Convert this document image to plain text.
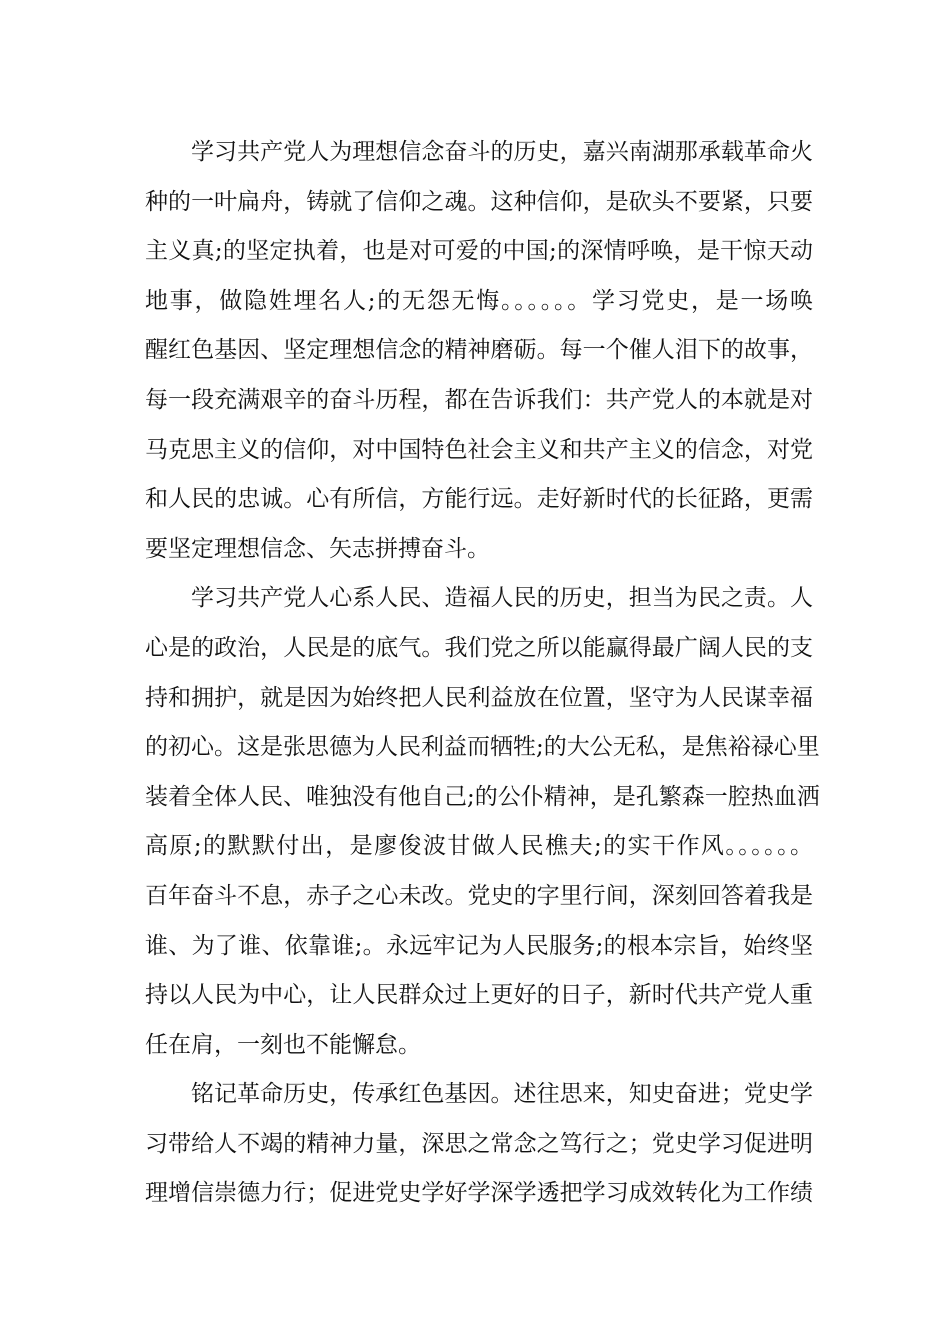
学习共产党人为理想信念奋斗的历史，嘉兴南湖那承载革命火
种的一叶扁舟，铸就了信仰之魂。这种信仰，是砍头不要紧，只要
主义真;的坚定执着，也是对可爱的中国;的深情呼唤，是干惊天动
地事，做隐姓埋名人;的无怨无悔。。。。。。学习党史，是一场唤
醒红色基因、坚定理想信念的精神磨砺。每一个催人泪下的故事，
每一段充满艰辛的奋斗历程，都在告诉我们：共产党人的本就是对
马克思主义的信仰，对中国特色社会主义和共产主义的信念，对党
和人民的忠诚。心有所信，方能行远。走好新时代的长征路，更需
要坚定理想信念、矢志拼搏奋斗。
学习共产党人心系人民、造福人民的历史，担当为民之责。人
心是的政治，人民是的底气。我们党之所以能赢得最广阔人民的支
持和拥护，就是因为始终把人民利益放在位置，坚守为人民谋幸福
的初心。这是张思德为人民利益而牺牲;的大公无私，是焦裕禄心里
装着全体人民、唯独没有他自己;的公仆精神，是孔繁森一腔热血洒
高原;的默默付出，是廖俊波甘做人民樵夫;的实干作风。。。。。。
百年奋斗不息，赤子之心未改。党史的字里行间，深刻回答着我是
谁、为了谁、依靠谁;。永远牢记为人民服务;的根本宗旨，始终坚
持以人民为中心，让人民群众过上更好的日子，新时代共产党人重
任在肩，一刻也不能懈怠。
铭记革命历史，传承红色基因。述往思来，知史奋进；党史学
习带给人不竭的精神力量，深思之常念之笃行之；党史学习促进明
理增信崇德力行；促进党史学好学深学透把学习成效转化为工作绩
